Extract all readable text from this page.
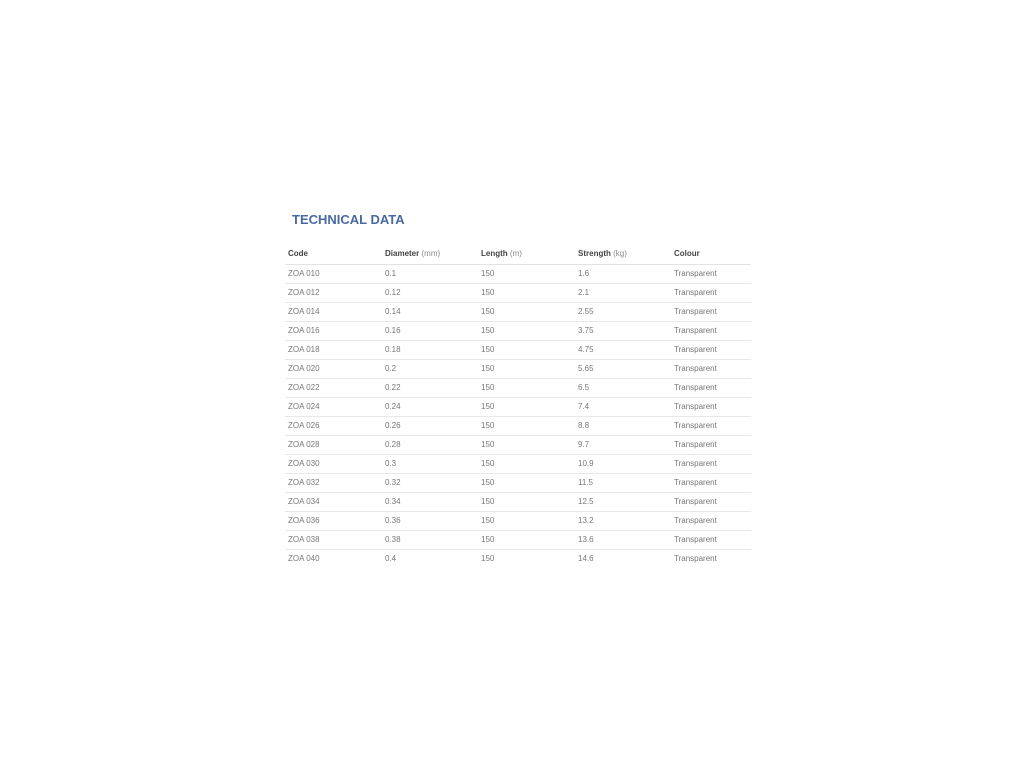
TECHNICAL DATA
Code	Diameter (mm)	Length (m)	Strength (kg)	Colour
ZOA 010	0.1	150	1.6	Transparent
ZOA 012	0.12	150	2.1	Transparent
ZOA 014	0.14	150	2.55	Transparent
ZOA 016	0.16	150	3.75	Transparent
ZOA 018	0.18	150	4.75	Transparent
ZOA 020	0.2	150	5.65	Transparent
ZOA 022	0.22	150	6.5	Transparent
ZOA 024	0.24	150	7.4	Transparent
ZOA 026	0.26	150	8.8	Transparent
ZOA 028	0.28	150	9.7	Transparent
ZOA 030	0.3	150	10.9	Transparent
ZOA 032	0.32	150	11.5	Transparent
ZOA 034	0.34	150	12.5	Transparent
ZOA 036	0.36	150	13.2	Transparent
ZOA 038	0.38	150	13.6	Transparent
ZOA 040	0.4	150	14.6	Transparent
